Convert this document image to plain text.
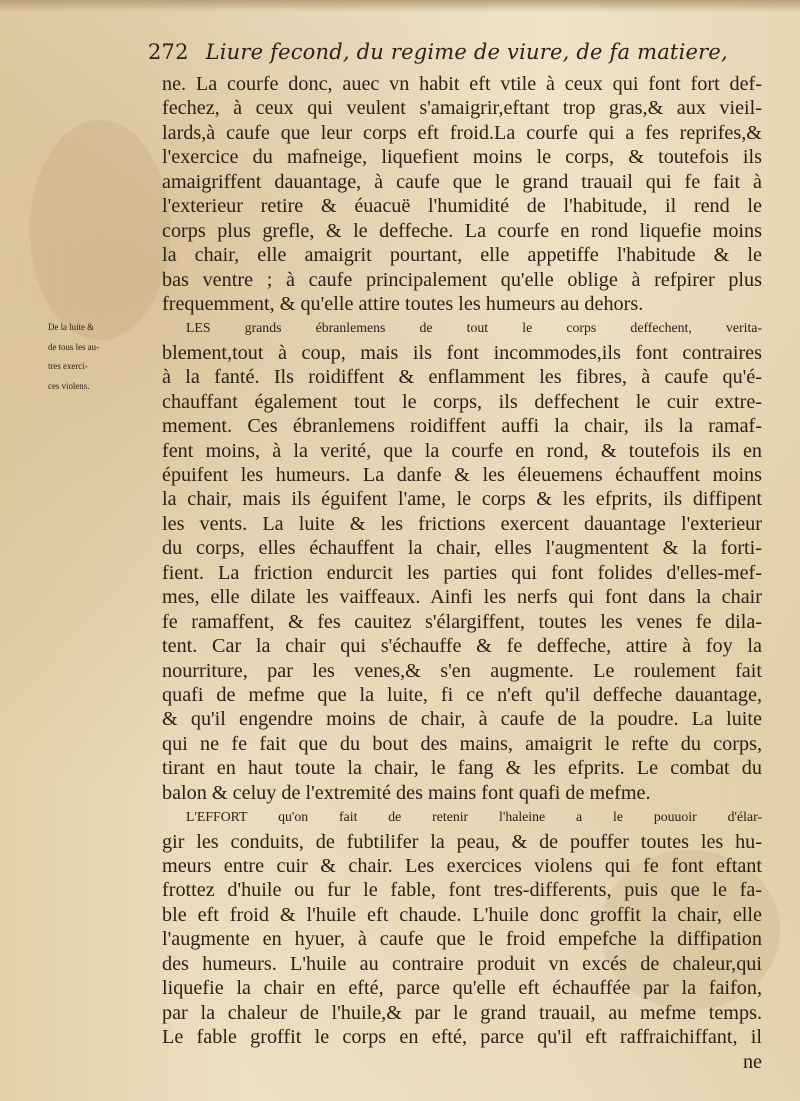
272 Liure fecond, du regime de viure, de fa matiere,
De la luite &
de tous les au-
tres exerci-
ces violens.
ne. La courfe donc, auec vn habit eft vtile à ceux qui font fort def-
fechez, à ceux qui veulent s'amaigrir,eftant trop gras,& aux vieil-
lards,à caufe que leur corps eft froid.La courfe qui a fes reprifes,&
l'exercice du mafneige, liquefient moins le corps, & toutefois ils
amaigriffent dauantage, à caufe que le grand trauail qui fe fait à
l'exterieur retire & éuacuë l'humidité de l'habitude, il rend le
corps plus grefle, & le deffeche. La courfe en rond liquefie moins
la chair, elle amaigrit pourtant, elle appetiffe l'habitude & le
bas ventre ; à caufe principalement qu'elle oblige à refpirer plus
frequemment, & qu'elle attire toutes les humeurs au dehors.
LES grands ébranlemens de tout le corps deffechent, verita-
blement,tout à coup, mais ils font incommodes,ils font contraires
à la fanté. Ils roidiffent & enflamment les fibres, à caufe qu'é-
chauffant également tout le corps, ils deffechent le cuir extre-
mement. Ces ébranlemens roidiffent auffi la chair, ils la ramaf-
fent moins, à la verité, que la courfe en rond, & toutefois ils en
épuifent les humeurs. La danfe & les éleuemens échauffent moins
la chair, mais ils éguifent l'ame, le corps & les efprits, ils diffipent
les vents. La luite & les frictions exercent dauantage l'exterieur
du corps, elles échauffent la chair, elles l'augmentent & la forti-
fient. La friction endurcit les parties qui font folides d'elles-mef-
mes, elle dilate les vaiffeaux. Ainfi les nerfs qui font dans la chair
fe ramaffent, & fes cauitez s'élargiffent, toutes les venes fe dila-
tent. Car la chair qui s'échauffe & fe deffeche, attire à foy la
nourriture, par les venes,& s'en augmente. Le roulement fait
quafi de mefme que la luite, fi ce n'eft qu'il deffeche dauantage,
& qu'il engendre moins de chair, à caufe de la poudre. La luite
qui ne fe fait que du bout des mains, amaigrit le refte du corps,
tirant en haut toute la chair, le fang & les efprits. Le combat du
balon & celuy de l'extremité des mains font quafi de mefme.
L'EFFORT qu'on fait de retenir l'haleine a le pouuoir d'élar-
gir les conduits, de fubtilifer la peau, & de pouffer toutes les hu-
meurs entre cuir & chair. Les exercices violens qui fe font eftant
frottez d'huile ou fur le fable, font tres-differents, puis que le fa-
ble eft froid & l'huile eft chaude. L'huile donc groffit la chair, elle
l'augmente en hyuer, à caufe que le froid empefche la diffipation
des humeurs. L'huile au contraire produit vn excés de chaleur,qui
liquefie la chair en efté, parce qu'elle eft échauffée par la faifon,
par la chaleur de l'huile,& par le grand trauail, au mefme temps.
Le fable groffit le corps en efté, parce qu'il eft raffraichiffant, il
ne
